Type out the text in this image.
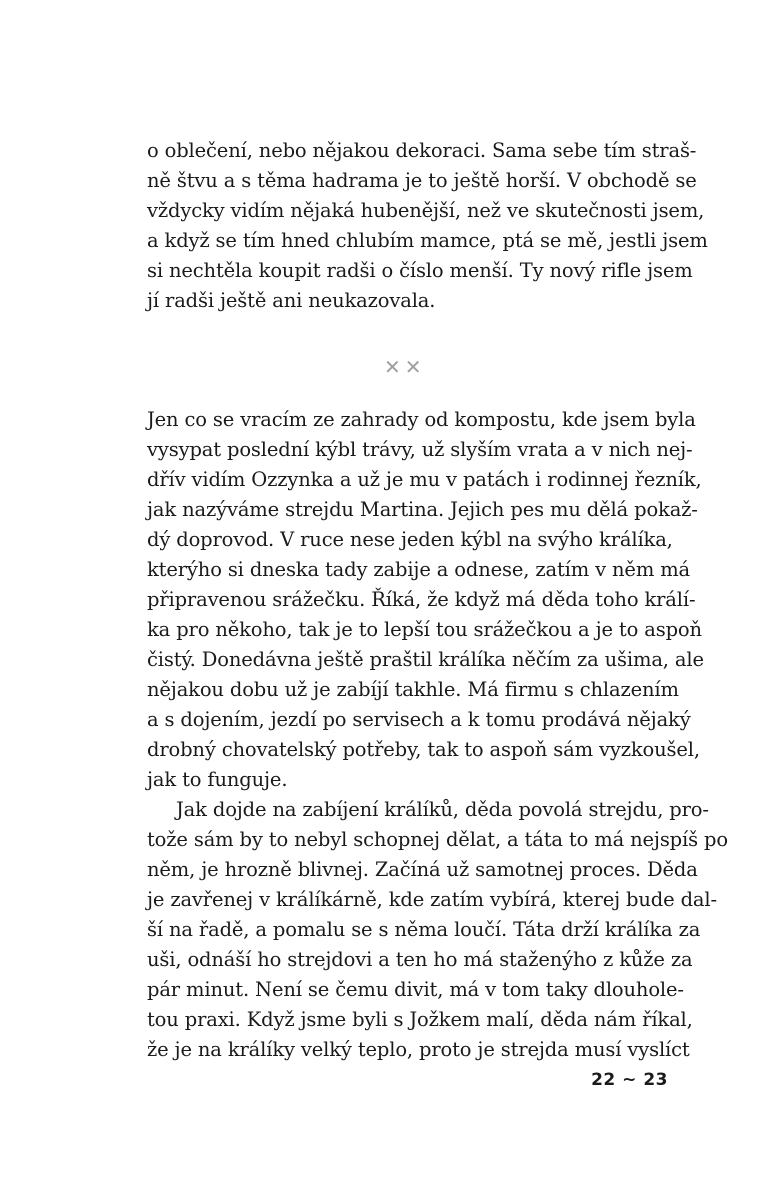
o oblečení, nebo nějakou dekoraci. Sama sebe tím straš-
ně štvu a s těma hadrama je to ještě horší. V obchodě se
vždycky vidím nějaká hubenější, než ve skutečnosti jsem,
a když se tím hned chlubím mamce, ptá se mě, jestli jsem
si nechtěla koupit radši o číslo menší. Ty nový rifle jsem
jí radši ještě ani neukazovala.
✕✕
Jen co se vracím ze zahrady od kompostu, kde jsem byla
vysypat poslední kýbl trávy, už slyším vrata a v nich nej-
dřív vidím Ozzynka a už je mu v patách i rodinnej řezník,
jak nazýváme strejdu Martina. Jejich pes mu dělá pokaž-
dý doprovod. V ruce nese jeden kýbl na svýho králíka,
kterýho si dneska tady zabije a odnese, zatím v něm má
připravenou srážečku. Říká, že když má děda toho králí-
ka pro někoho, tak je to lepší tou srážečkou a je to aspoň
čistý. Donedávna ještě praštil králíka něčím za ušima, ale
nějakou dobu už je zabíjí takhle. Má firmu s chlazením
a s dojením, jezdí po servisech a k tomu prodává nějaký
drobný chovatelský potřeby, tak to aspoň sám vyzkoušel,
jak to funguje.
Jak dojde na zabíjení králíků, děda povolá strejdu, pro-
tože sám by to nebyl schopnej dělat, a táta to má nejspíš po
něm, je hrozně blivnej. Začíná už samotnej proces. Děda
je zavřenej v králíkárně, kde zatím vybírá, kterej bude dal-
ší na řadě, a pomalu se s něma loučí. Táta drží králíka za
uši, odnáší ho strejdovi a ten ho má staženýho z kůže za
pár minut. Není se čemu divit, má v tom taky dlouhole-
tou praxi. Když jsme byli s Jožkem malí, děda nám říkal,
že je na králíky velký teplo, proto je strejda musí vyslíct
22 ~ 23
